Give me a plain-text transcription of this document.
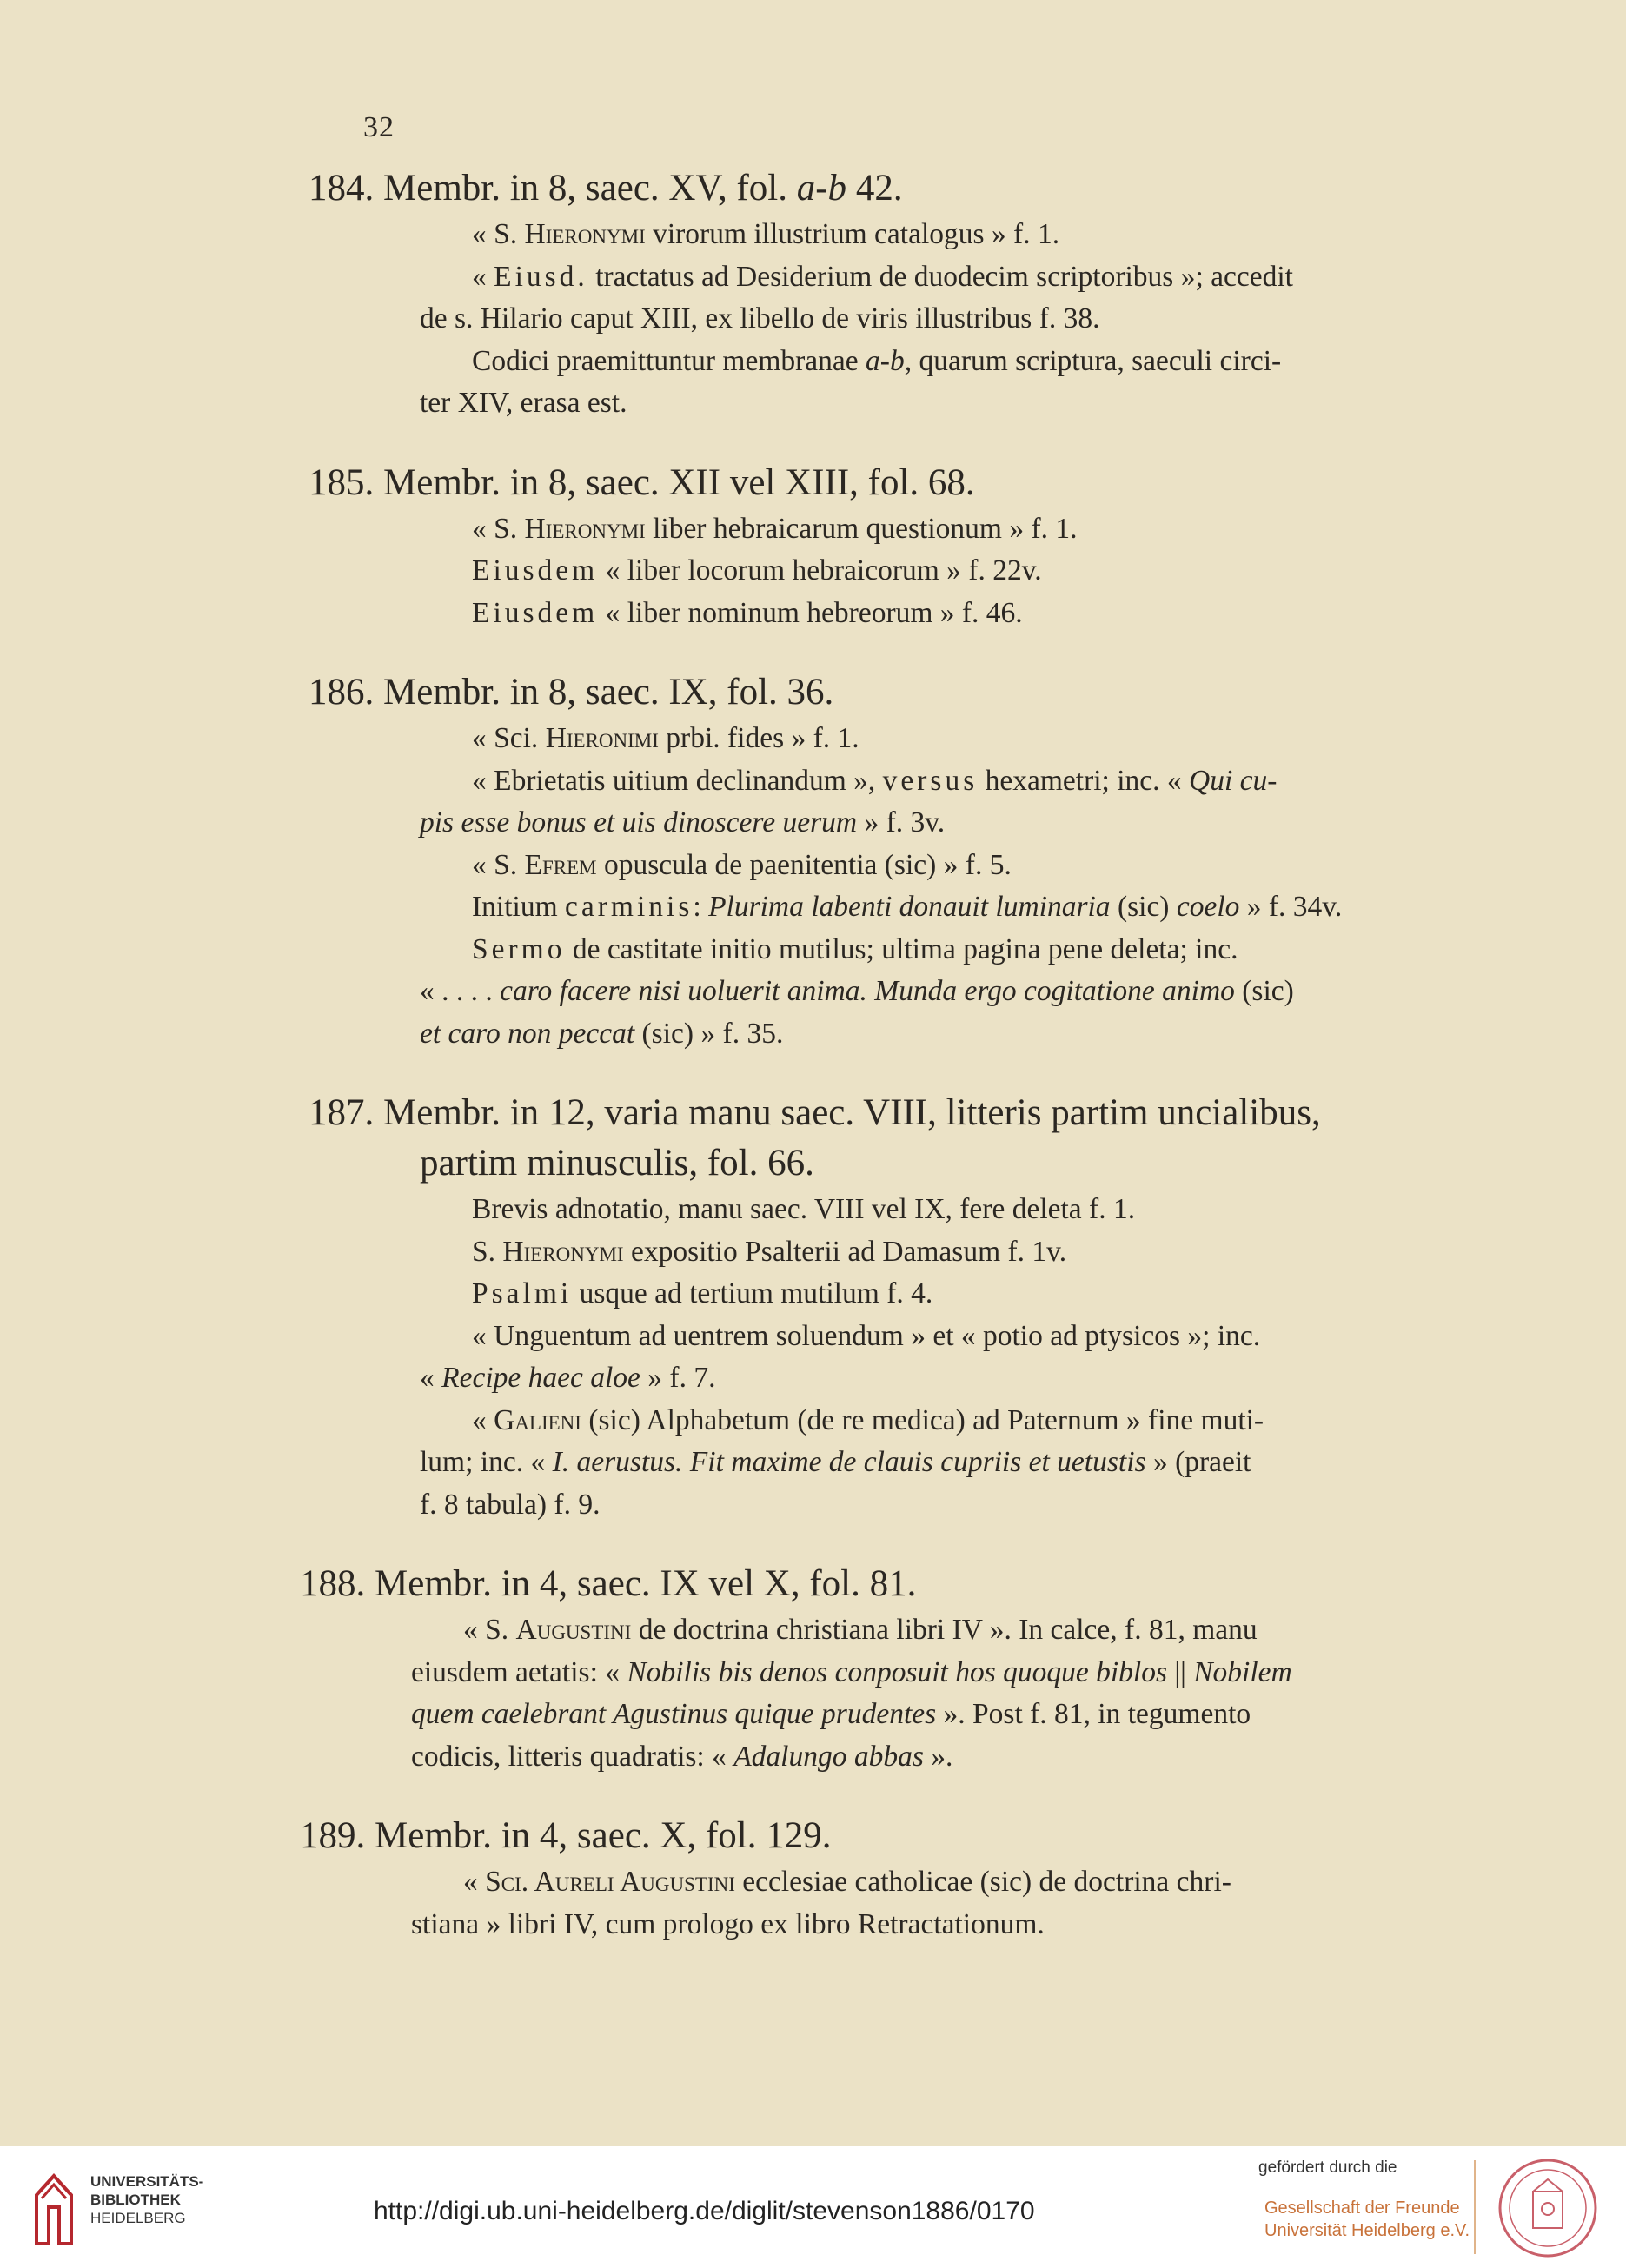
32

184. Membr. in 8, saec. XV, fol. a-b 42.

« S. Hieronymi virorum illustrium catalogus » f. 1.

« Eiusd. tractatus ad Desiderium de duodecim scriptoribus »; accedit

de s. Hilario caput XIII, ex libello de viris illustribus f. 38.

Codici praemittuntur membranae a-b, quarum scriptura, saeculi circi-

ter XIV, erasa est.

185. Membr. in 8, saec. XII vel XIII, fol. 68.

« S. Hieronymi liber hebraicarum questionum » f. 1.

Eiusdem « liber locorum hebraicorum » f. 22v.

Eiusdem « liber nominum hebreorum » f. 46.

186. Membr. in 8, saec. IX, fol. 36.

« Sci. Hieronimi prbi. fides » f. 1.

« Ebrietatis uitium declinandum », versus hexametri; inc. « Qui cu-

pis esse bonus et uis dinoscere uerum » f. 3v.

« S. Efrem opuscula de paenitentia (sic) » f. 5.

Initium carminis: Plurima labenti donauit luminaria (sic) coelo » f. 34v.

Sermo de castitate initio mutilus; ultima pagina pene deleta; inc.

« . . . . caro facere nisi uoluerit anima. Munda ergo cogitatione animo (sic)

et caro non peccat (sic) » f. 35.

187. Membr. in 12, varia manu saec. VIII, litteris partim uncialibus,

partim minusculis, fol. 66.

Brevis adnotatio, manu saec. VIII vel IX, fere deleta f. 1.

S. Hieronymi expositio Psalterii ad Damasum f. 1v.

Psalmi usque ad tertium mutilum f. 4.

« Unguentum ad uentrem soluendum » et « potio ad ptysicos »; inc.

« Recipe haec aloe » f. 7.

« Galieni (sic) Alphabetum (de re medica) ad Paternum » fine muti-

lum; inc. « I. aerustus. Fit maxime de clauis cupriis et uetustis » (praeit

f. 8 tabula) f. 9.

188. Membr. in 4, saec. IX vel X, fol. 81.

« S. Augustini de doctrina christiana libri IV ». In calce, f. 81, manu

eiusdem aetatis: « Nobilis bis denos conposuit hos quoque biblos || Nobilem

quem caelebrant Agustinus quique prudentes ». Post f. 81, in tegumento

codicis, litteris quadratis: « Adalungo abbas ».

189. Membr. in 4, saec. X, fol. 129.

« Sci. Aureli Augustini ecclesiae catholicae (sic) de doctrina chri-

stiana » libri IV, cum prologo ex libro Retractationum.

UNIVERSITÄTS-
BIBLIOTHEK
HEIDELBERG	http://digi.ub.uni-heidelberg.de/diglit/stevenson1886/0170
gefördert durch die
Gesellschaft der Freunde
Universität Heidelberg e.V.
